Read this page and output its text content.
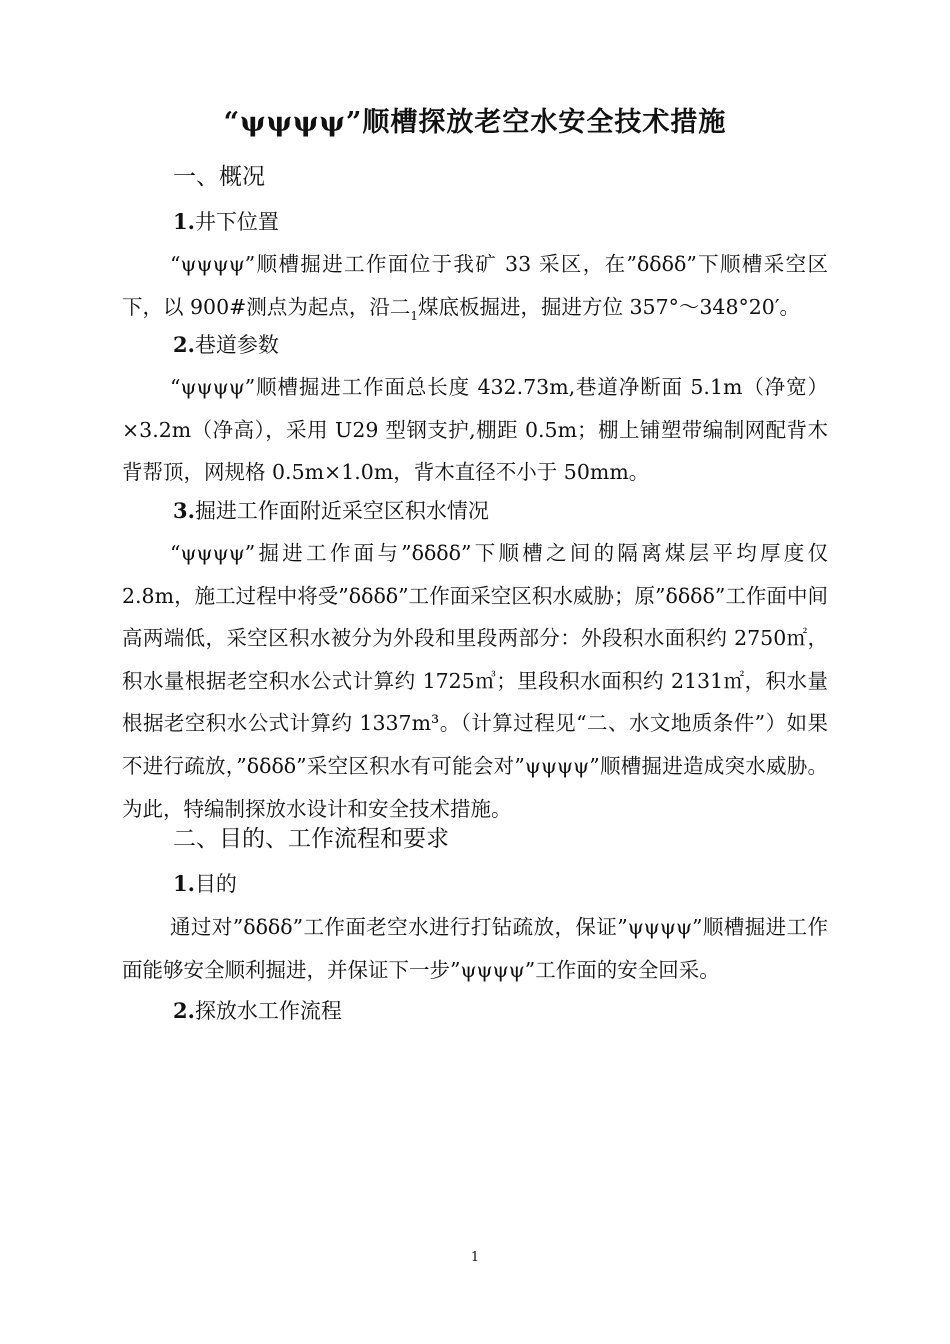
“ψψψψ”顺槽探放老空水安全技术措施
一、概况
1.井下位置
“ψψψψ”顺槽掘进工作面位于我矿 33 采区，在”δδδδ”下顺槽采空区下，以 900#测点为起点，沿二$_1$煤底板掘进，掘进方位 357°～348°20′。
2.巷道参数
“ψψψψ”顺槽掘进工作面总长度 432.73m,巷道净断面 5.1m（净宽）×3.2m（净高），采用 U29 型钢支护,棚距 0.5m；棚上铺塑带编制网配背木背帮顶，网规格 0.5m×1.0m，背木直径不小于 50mm。
3.掘进工作面附近采空区积水情况
“ψψψψ”掘进工作面与”δδδδ”下顺槽之间的隔离煤层平均厚度仅 2.8m，施工过程中将受”δδδδ”工作面采空区积水威胁；原”δδδδ”工作面中间高两端低，采空区积水被分为外段和里段两部分：外段积水面积约 2750㎡，积水量根据老空积水公式计算约 1725㎥；里段积水面积约 2131㎡，积水量根据老空积水公式计算约 1337m³。（计算过程见“二、水文地质条件”）如果不进行疏放，”δδδδ”采空区积水有可能会对”ψψψψ”顺槽掘进造成突水威胁。为此，特编制探放水设计和安全技术措施。
二、目的、工作流程和要求
1.目的
通过对”δδδδ”工作面老空水进行打钻疏放，保证”ψψψψ”顺槽掘进工作面能够安全顺利掘进，并保证下一步”ψψψψ”工作面的安全回采。
2.探放水工作流程
1
